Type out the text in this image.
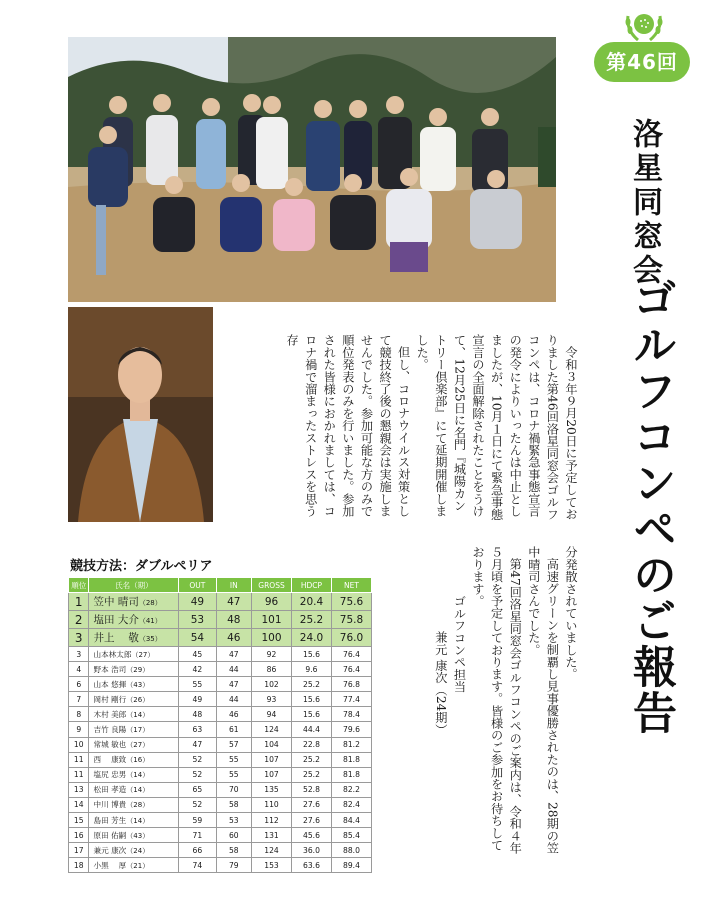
第46回
洛星同窓会
ゴルフコンペのご報告

令和３年９月20日に予定しておりました第46回洛星同窓会ゴルフコンペは、コロナ禍緊急事態宣言の発令によりいったんは中止としましたが、10月１日にて緊急事態宣言の全面解除されたことをうけて、12月25日に名門『城陽カントリー倶楽部』にて延期開催しました。

但し、コロナウイルス対策として競技終了後の懇親会は実施しませんでした。参加可能な方のみで順位発表のみを行いました。参加された皆様におかれましては、コロナ禍で溜まったストレスを思う存

分発散されていました。

高速グリーンを制覇し見事優勝されたのは、28期の笠中晴司さんでした。

第47回洛星同窓会ゴルフコンペのご案内は、令和４年５月頃を予定しております。皆様のご参加をお待ちしております。

ゴルフコンペ担当

兼元 康次（24期）

競技方法：ダブルペリア
順位	氏名（期）	OUT	IN	GROSS	HDCP	NET
1	笠中 晴司（28）	49	47	96	20.4	75.6
2	塩田 大介（41）	53	48	101	25.2	75.8
3	井上 　敬（35）	54	46	100	24.0	76.0
3	山本林太郎（27）	45	47	92	15.6	76.4
4	野本 浩司（29）	42	44	86	9.6	76.4
6	山本 悠揮（43）	55	47	102	25.2	76.8
7	岡村 剛行（26）	49	44	93	15.6	77.4
8	木村 美郎（14）	48	46	94	15.6	78.4
9	吉竹 良陽（17）	63	61	124	44.4	79.6
10	常城 敏也（27）	47	57	104	22.8	81.2
11	西 　康致（16）	52	55	107	25.2	81.8
11	塩尻 忠男（14）	52	55	107	25.2	81.8
13	松田 孝造（14）	65	70	135	52.8	82.2
14	中川 博貴（28）	52	58	110	27.6	82.4
15	島田 芳生（14）	59	53	112	27.6	84.4
16	原田 佑嗣（43）	71	60	131	45.6	85.4
17	兼元 康次（24）	66	58	124	36.0	88.0
18	小黒 　厚（21）	74	79	153	63.6	89.4
